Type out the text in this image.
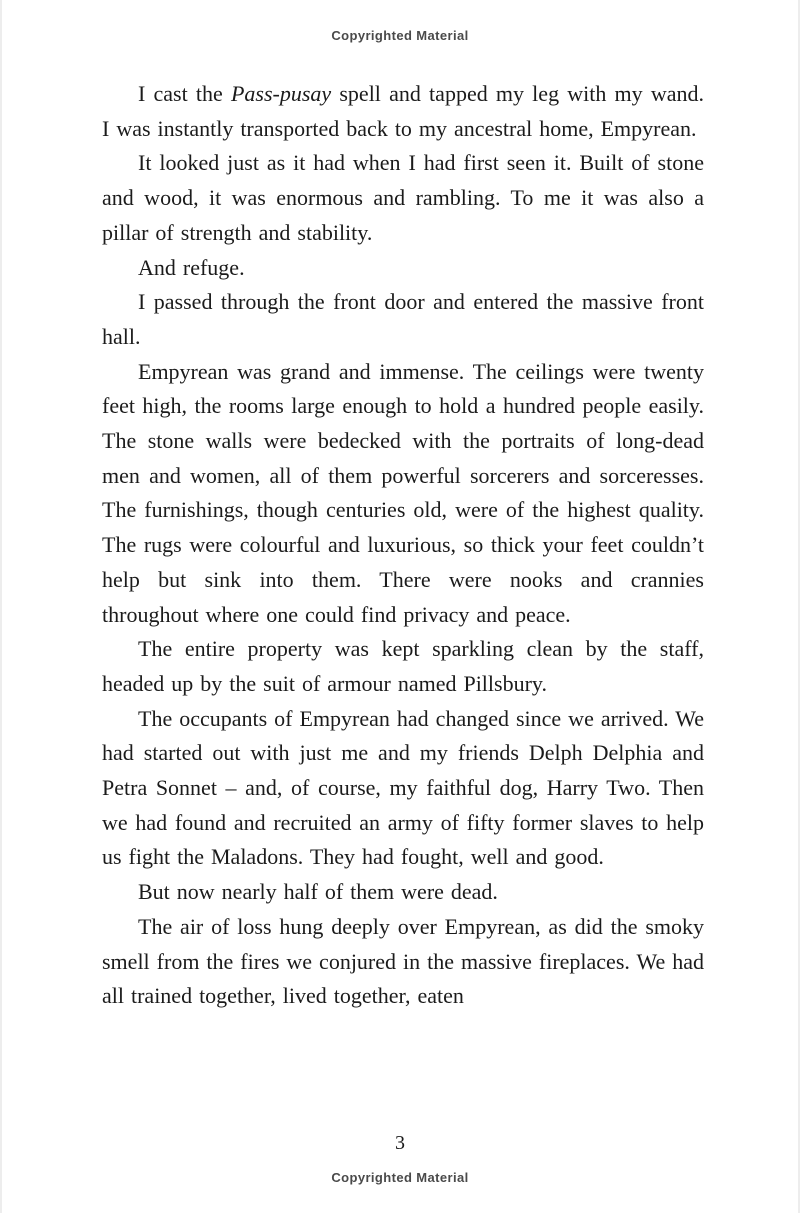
Copyrighted Material

I cast the Pass-pusay spell and tapped my leg with my wand. I was instantly transported back to my ancestral home, Empyrean.

It looked just as it had when I had first seen it. Built of stone and wood, it was enormous and rambling. To me it was also a pillar of strength and stability.

And refuge.

I passed through the front door and entered the massive front hall.

Empyrean was grand and immense. The ceilings were twenty feet high, the rooms large enough to hold a hundred people easily. The stone walls were bedecked with the portraits of long-dead men and women, all of them powerful sorcerers and sorceresses. The furnishings, though centuries old, were of the highest quality. The rugs were colourful and luxurious, so thick your feet couldn’t help but sink into them. There were nooks and crannies throughout where one could find privacy and peace.

The entire property was kept sparkling clean by the staff, headed up by the suit of armour named Pillsbury.

The occupants of Empyrean had changed since we arrived. We had started out with just me and my friends Delph Delphia and Petra Sonnet – and, of course, my faithful dog, Harry Two. Then we had found and recruited an army of fifty former slaves to help us fight the Maladons. They had fought, well and good.

But now nearly half of them were dead.

The air of loss hung deeply over Empyrean, as did the smoky smell from the fires we conjured in the massive fireplaces. We had all trained together, lived together, eaten

3
Copyrighted Material
